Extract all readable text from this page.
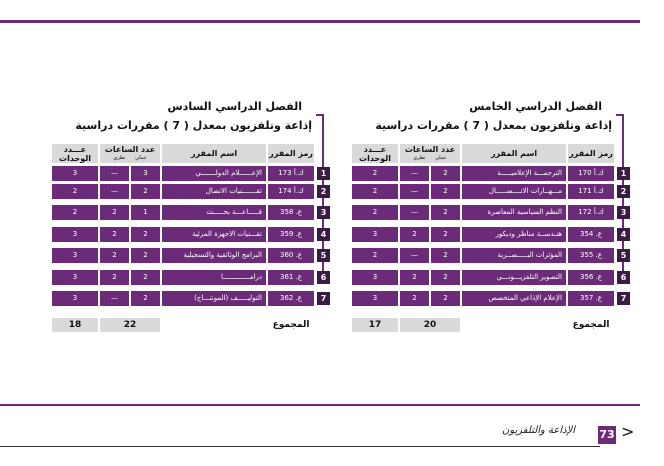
الفصل الدراسي الخامس
إذاعة وتلفزيون بمعدل ( 7 ) مقررات دراسية
رمز المقرر
اسم المقرر
عدد الساعات
عملي      نظري
عـــدد الوحدات
2	—	2	الترجمـــة الإعلاميـــــة	ك.أ 170	1
2	—	2	مـــهــارات الاتــــصـــــال	ك.أ 171	2
2	—	2	النظم السياسية المعاصرة	ك.أ 172	3
3	2	2	هنـدســة مناظر وديكور	ع. 354	4
2	—	2	المؤثرات البـــــصــرية	ع. 355	5
3	2	2	التصوير التلفزيـــونـــي	ع. 356	6
3	2	2	الإعلام الإذاعي المتخصص	ع. 357	7
17	20	المجموع
الفصل الدراسي السادس
إذاعة وتلفزيون بمعدل ( 7 ) مقررات دراسية
رمز المقرر
اسم المقرر
عدد الساعات
عملي      نظري
عـــدد الوحدات
3	—	3	الإعــــــلام الدولـــــــي	ك.أ 173	1
2	—	2	تقـــــــنيات الاتصال	ك.أ 174	2
2	2	1	قـــــاعـــة بحـــــث	ع. 358	3
3	2	2	تقـــنيات الاجهزة المرئية	ع. 359	4
3	2	2	البرامج الوثائقية والتسجيلية	ع. 360	5
3	2	2	درامـــــــــــــا	ع. 361	6
3	—	2	التوليـــــف (المونتـــاج)	ع. 362	7
18	22	المجموع
الإذاعة والتلفزيون 73 >
